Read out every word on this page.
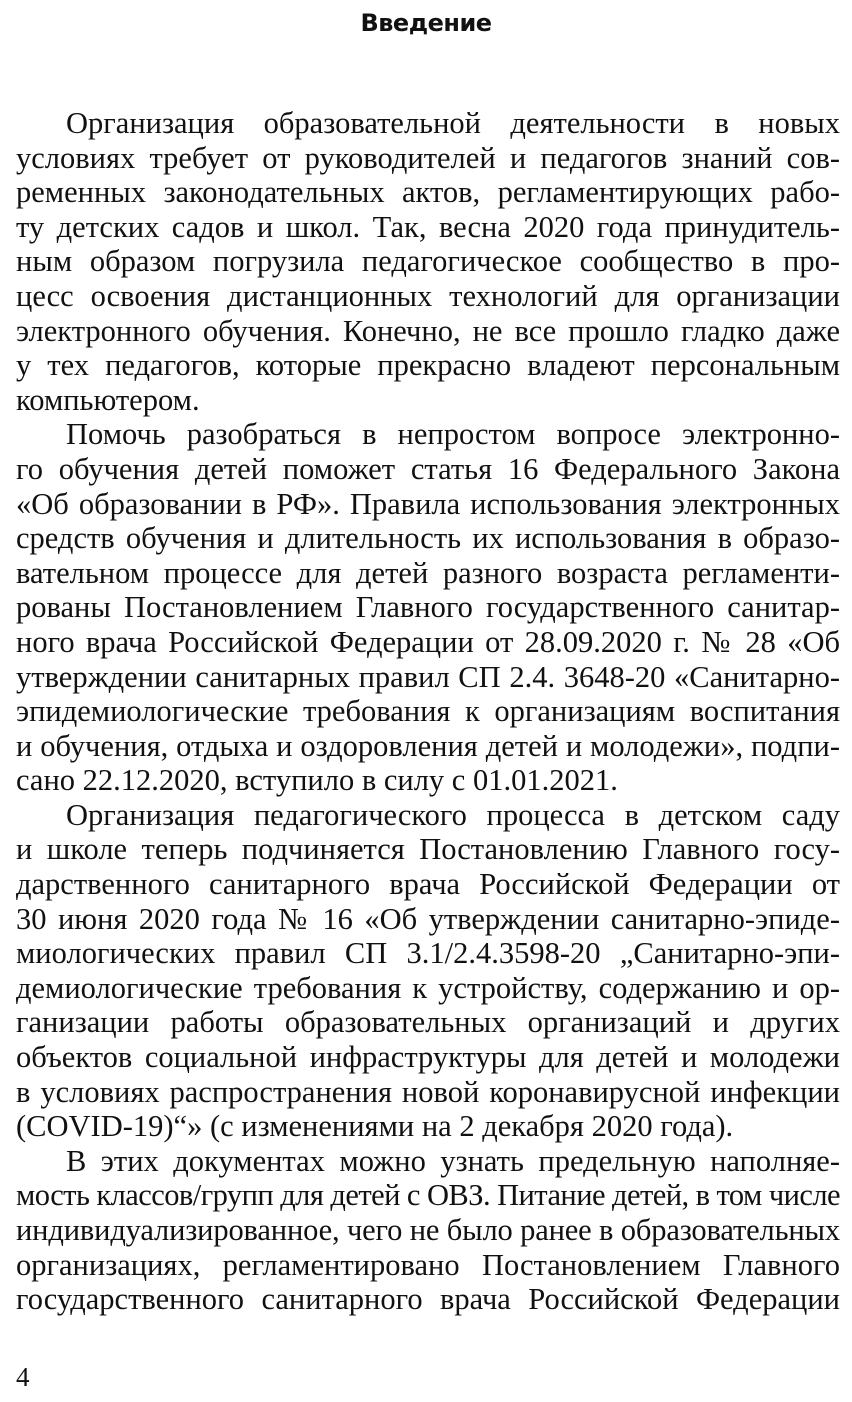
Введение
Организация образовательной деятельности в новых
условиях требует от руководителей и педагогов знаний сов-
ременных законодательных актов, регламентирующих рабо-
ту детских садов и школ. Так, весна 2020 года принудитель-
ным образом погрузила педагогическое сообщество в про-
цесс освоения дистанционных технологий для организации
электронного обучения. Конечно, не все прошло гладко даже
у тех педагогов, которые прекрасно владеют персональным
компьютером.
Помочь разобраться в непростом вопросе электронно-
го обучения детей поможет статья 16 Федерального Закона
«Об образовании в РФ». Правила использования электронных
средств обучения и длительность их использования в образо-
вательном процессе для детей разного возраста регламенти-
рованы Постановлением Главного государственного санитар-
ного врача Российской Федерации от 28.09.2020 г. № 28 «Об
утверждении санитарных правил СП 2.4. 3648-20 «Санитарно-
эпидемиологические требования к организациям воспитания
и обучения, отдыха и оздоровления детей и молодежи», подпи-
сано 22.12.2020, вступило в силу с 01.01.2021.
Организация педагогического процесса в детском саду
и школе теперь подчиняется Постановлению Главного госу-
дарственного санитарного врача Российской Федерации от
30 июня 2020 года № 16 «Об утверждении санитарно-эпиде-
миологических правил СП 3.1/2.4.3598-20 „Санитарно-эпи-
демиологические требования к устройству, содержанию и ор-
ганизации работы образовательных организаций и других
объектов социальной инфраструктуры для детей и молодежи
в условиях распространения новой коронавирусной инфекции
(COVID-19)“» (с изменениями на 2 декабря 2020 года).
В этих документах можно узнать предельную наполняе-
мость классов/групп для детей с ОВЗ. Питание детей, в том числе
индивидуализированное, чего не было ранее в образовательных
организациях, регламентировано Постановлением Главного
государственного санитарного врача Российской Федерации
4
